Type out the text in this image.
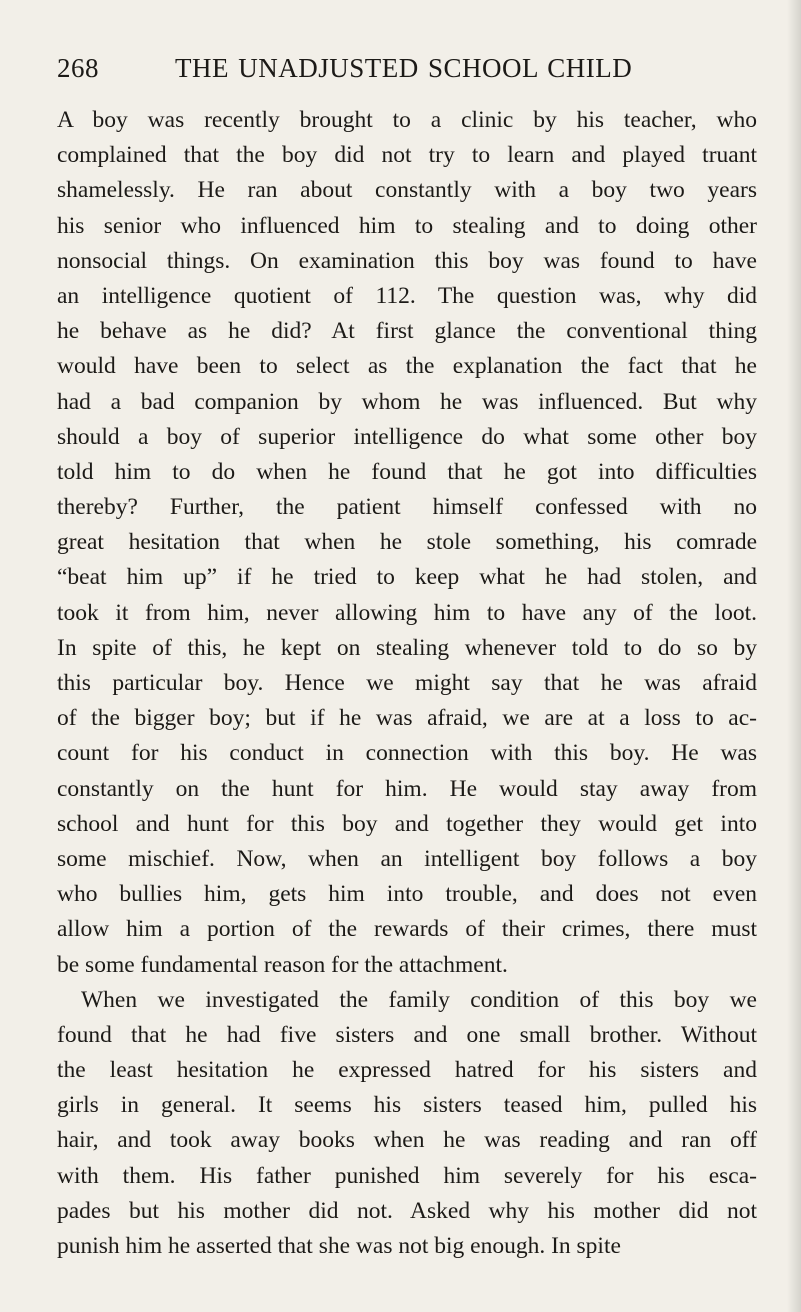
268	THE UNADJUSTED SCHOOL CHILD
A boy was recently brought to a clinic by his teacher, who
complained that the boy did not try to learn and played truant
shamelessly. He ran about constantly with a boy two years
his senior who influenced him to stealing and to doing other
nonsocial things. On examination this boy was found to have
an intelligence quotient of 112. The question was, why did
he behave as he did? At first glance the conventional thing
would have been to select as the explanation the fact that he
had a bad companion by whom he was influenced. But why
should a boy of superior intelligence do what some other boy
told him to do when he found that he got into difficulties
thereby? Further, the patient himself confessed with no
great hesitation that when he stole something, his comrade
“beat him up” if he tried to keep what he had stolen, and
took it from him, never allowing him to have any of the loot.
In spite of this, he kept on stealing whenever told to do so by
this particular boy. Hence we might say that he was afraid
of the bigger boy; but if he was afraid, we are at a loss to ac-
count for his conduct in connection with this boy. He was
constantly on the hunt for him. He would stay away from
school and hunt for this boy and together they would get into
some mischief. Now, when an intelligent boy follows a boy
who bullies him, gets him into trouble, and does not even
allow him a portion of the rewards of their crimes, there must
be some fundamental reason for the attachment.
When we investigated the family condition of this boy we
found that he had five sisters and one small brother. Without
the least hesitation he expressed hatred for his sisters and
girls in general. It seems his sisters teased him, pulled his
hair, and took away books when he was reading and ran off
with them. His father punished him severely for his esca-
pades but his mother did not. Asked why his mother did not
punish him he asserted that she was not big enough. In spite
